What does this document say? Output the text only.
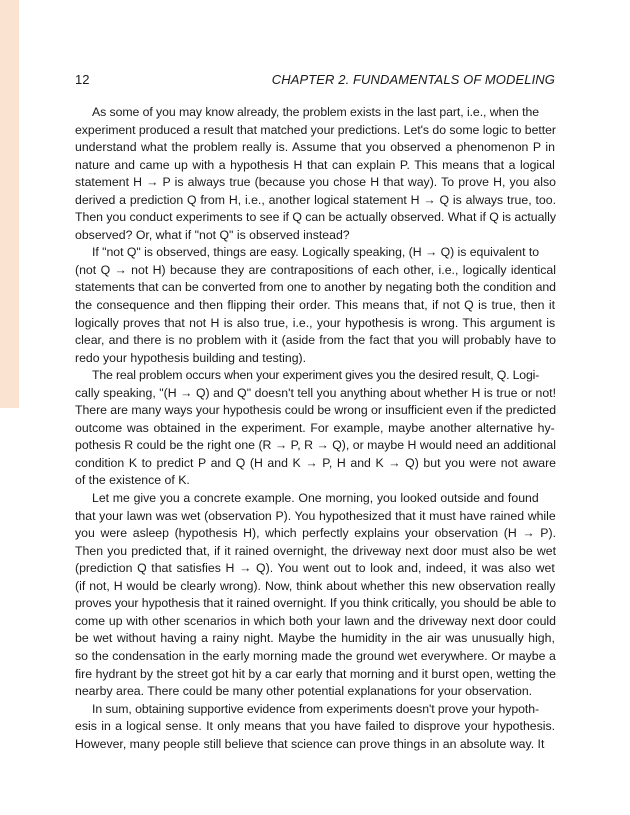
12	CHAPTER 2. FUNDAMENTALS OF MODELING

As some of you may know already, the problem exists in the last part, i.e., when the
experiment produced a result that matched your predictions. Let's do some logic to better
understand what the problem really is. Assume that you observed a phenomenon P in
nature and came up with a hypothesis H that can explain P. This means that a logical
statement H → P is always true (because you chose H that way). To prove H, you also
derived a prediction Q from H, i.e., another logical statement H → Q is always true, too.
Then you conduct experiments to see if Q can be actually observed. What if Q is actually
observed? Or, what if "not Q" is observed instead?

If "not Q" is observed, things are easy. Logically speaking, (H → Q) is equivalent to
(not Q → not H) because they are contrapositions of each other, i.e., logically identical
statements that can be converted from one to another by negating both the condition and
the consequence and then flipping their order. This means that, if not Q is true, then it
logically proves that not H is also true, i.e., your hypothesis is wrong. This argument is
clear, and there is no problem with it (aside from the fact that you will probably have to
redo your hypothesis building and testing).

The real problem occurs when your experiment gives you the desired result, Q. Logi-
cally speaking, "(H → Q) and Q" doesn't tell you anything about whether H is true or not!
There are many ways your hypothesis could be wrong or insufficient even if the predicted
outcome was obtained in the experiment. For example, maybe another alternative hy-
pothesis R could be the right one (R → P, R → Q), or maybe H would need an additional
condition K to predict P and Q (H and K → P, H and K → Q) but you were not aware
of the existence of K.

Let me give you a concrete example. One morning, you looked outside and found
that your lawn was wet (observation P). You hypothesized that it must have rained while
you were asleep (hypothesis H), which perfectly explains your observation (H → P).
Then you predicted that, if it rained overnight, the driveway next door must also be wet
(prediction Q that satisfies H → Q). You went out to look and, indeed, it was also wet
(if not, H would be clearly wrong). Now, think about whether this new observation really
proves your hypothesis that it rained overnight. If you think critically, you should be able to
come up with other scenarios in which both your lawn and the driveway next door could
be wet without having a rainy night. Maybe the humidity in the air was unusually high,
so the condensation in the early morning made the ground wet everywhere. Or maybe a
fire hydrant by the street got hit by a car early that morning and it burst open, wetting the
nearby area. There could be many other potential explanations for your observation.

In sum, obtaining supportive evidence from experiments doesn't prove your hypoth-
esis in a logical sense. It only means that you have failed to disprove your hypothesis.
However, many people still believe that science can prove things in an absolute way. It
